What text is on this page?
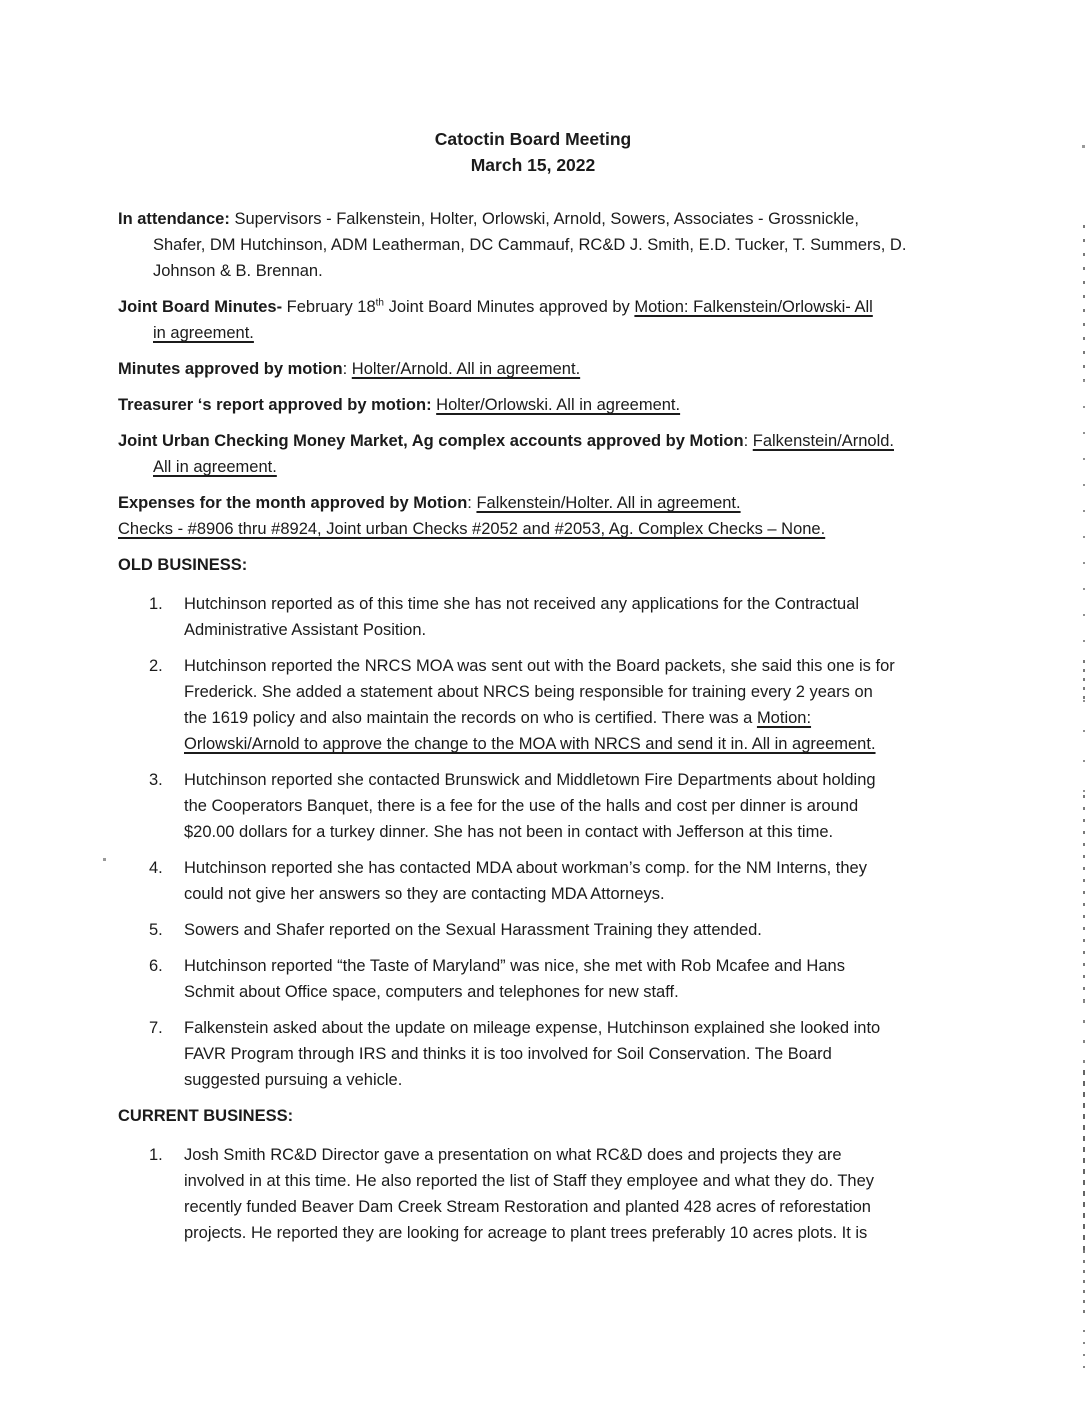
Catoctin Board Meeting

March 15, 2022

In attendance: Supervisors - Falkenstein, Holter, Orlowski, Arnold, Sowers, Associates - Grossnickle,
Shafer, DM Hutchinson, ADM Leatherman, DC Cammauf, RC&D J. Smith, E.D. Tucker, T. Summers, D.
Johnson & B. Brennan.

Joint Board Minutes- February 18th Joint Board Minutes approved by Motion: Falkenstein/Orlowski- All
in agreement.

Minutes approved by motion: Holter/Arnold. All in agreement.

Treasurer ‘s report approved by motion: Holter/Orlowski. All in agreement.

Joint Urban Checking Money Market, Ag complex accounts approved by Motion: Falkenstein/Arnold.
All in agreement.

Expenses for the month approved by Motion: Falkenstein/Holter. All in agreement.

Checks - #8906 thru #8924, Joint urban Checks #2052 and #2053, Ag. Complex Checks – None.

OLD BUSINESS:

1. Hutchinson reported as of this time she has not received any applications for the Contractual
Administrative Assistant Position.
2. Hutchinson reported the NRCS MOA was sent out with the Board packets, she said this one is for
Frederick. She added a statement about NRCS being responsible for training every 2 years on
the 1619 policy and also maintain the records on who is certified. There was a Motion:
Orlowski/Arnold to approve the change to the MOA with NRCS and send it in. All in agreement.
3. Hutchinson reported she contacted Brunswick and Middletown Fire Departments about holding
the Cooperators Banquet, there is a fee for the use of the halls and cost per dinner is around
$20.00 dollars for a turkey dinner. She has not been in contact with Jefferson at this time.
4. Hutchinson reported she has contacted MDA about workman’s comp. for the NM Interns, they
could not give her answers so they are contacting MDA Attorneys.
5. Sowers and Shafer reported on the Sexual Harassment Training they attended.
6. Hutchinson reported “the Taste of Maryland” was nice, she met with Rob Mcafee and Hans
Schmit about Office space, computers and telephones for new staff.
7. Falkenstein asked about the update on mileage expense, Hutchinson explained she looked into
FAVR Program through IRS and thinks it is too involved for Soil Conservation. The Board
suggested pursuing a vehicle.

CURRENT BUSINESS:

1. Josh Smith RC&D Director gave a presentation on what RC&D does and projects they are
involved in at this time. He also reported the list of Staff they employee and what they do. They
recently funded Beaver Dam Creek Stream Restoration and planted 428 acres of reforestation
projects. He reported they are looking for acreage to plant trees preferably 10 acres plots. It is
